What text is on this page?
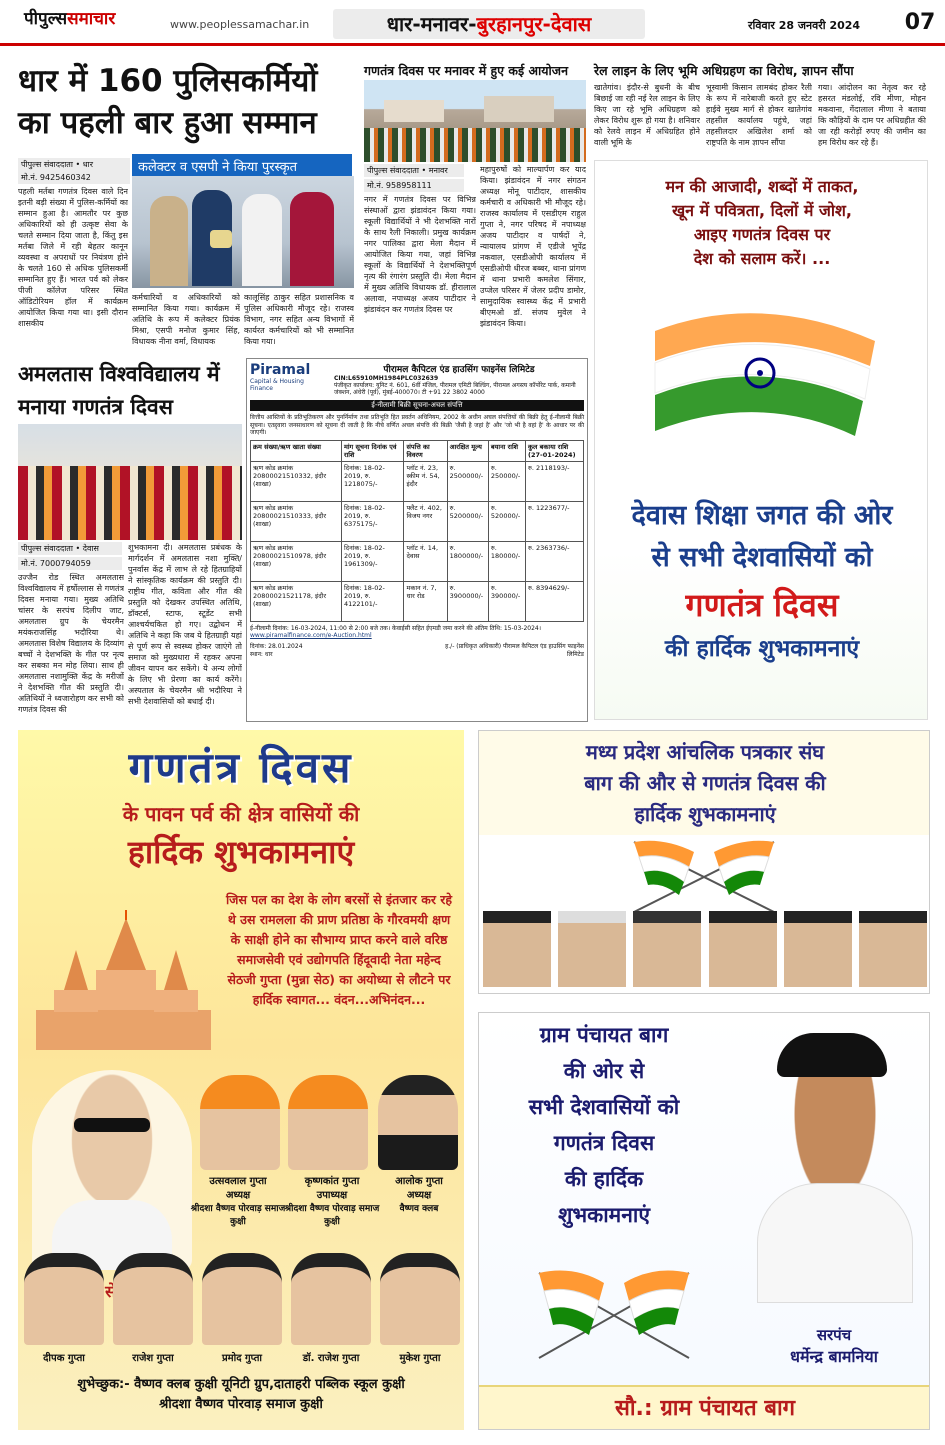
पीपुल्ससमाचार	www.peoplessamachar.in	धार-मनावर-बुरहानपुर-देवास	रविवार 28 जनवरी 2024	07
धार में 160 पुलिसकर्मियों का पहली बार हुआ सम्मान
पीपुल्स संवाददाता • धार
मो.नं. 9425460342
कलेक्टर व एसपी ने किया पुरस्कृत
पहली मर्तबा गणतंत्र दिवस वाले दिन इतनी बड़ी संख्या में पुलिस-कर्मियों का सम्मान हुआ है। आमतौर पर कुछ अधिकारियों को ही उत्कृष्ट सेवा के चलते सम्मान दिया जाता है, किंतु इस मर्तबा जिले में रही बेहतर कानून व्यवस्था व अपराधों पर नियंत्रण होने के चलते 160 से अधिक पुलिसकर्मी सम्मानित हुए हैं। भारत पर्व को लेकर पीजी कॉलेज परिसर स्थित ऑडिटोरियम हॉल में कार्यक्रम आयोजित किया गया था। इसी दौरान शासकीय
कर्मचारियों व अधिकारियों को सम्मानित किया गया। कार्यक्रम में अतिथि के रूप में कलेक्टर प्रियंक मिश्रा, एसपी मनोज कुमार सिंह, विधायक नीना वर्मा, विधायक
कालूसिंह ठाकुर सहित प्रशासनिक व पुलिस अधिकारी मौजूद रहे। राजस्व विभाग, नगर सहित अन्य विभागों में कार्यरत कर्मचारियों को भी सम्मानित किया गया।
गणतंत्र दिवस पर मनावर में हुए कई आयोजन
पीपुल्स संवाददाता • मनावर
मो.नं. 958958111
नगर में गणतंत्र दिवस पर विभिन्न संस्थाओं द्वारा झंडावंदन किया गया। स्कूली विद्यार्थियों ने भी देशभक्ति नारों के साथ रैली निकाली। प्रमुख कार्यक्रम नगर पालिका द्वारा मेला मैदान में आयोजित किया गया, जहां विभिन्न स्कूलों के विद्यार्थियों ने देशभक्तिपूर्ण नृत्य की रंगारंग प्रस्तुति दी। मेला मैदान में मुख्य अतिथि विधायक डॉ. हीरालाल अलावा, नपाध्यक्ष अजय पाटीदार ने झंडावंदन कर गणतंत्र दिवस पर
महापुरुषों को माल्यार्पण कर याद किया। झंडावंदन में नगर संगठन अध्यक्ष मोनू पाटीदार, शासकीय कर्मचारी व अधिकारी भी मौजूद रहे। राजस्व कार्यालय में एसडीएम राहुल गुप्ता ने, नगर परिषद में नपाध्यक्ष अजय पाटीदार व पार्षदों ने, न्यायालय प्रांगण में एडीजे भूपेंद्र नकवाल, एसडीओपी कार्यालय में एसडीओपी धीरज बब्बर, थाना प्रांगण में थाना प्रभारी कमलेश सिंगार, उप्जेल परिसर में जेलर प्रदीप डामोर, सामुदायिक स्वास्थ्य केंद्र में प्रभारी बीएमओ डॉ. संजय मुवेल ने झंडावंदन किया।
रेल लाइन के लिए भूमि अधिग्रहण का विरोध, ज्ञापन सौंपा
खातेगांव। इंदौर-से बुधनी के बीच बिछाई जा रही नई रेल लाइन के लिए किए जा रहे भूमि अधिग्रहण को लेकर विरोध शुरू हो गया है। शनिवार को रेलवे लाइन में अधिग्रहित होने वाली भूमि के
भूस्वामी किसान लामबंद होकर रैली के रूप में नारेबाजी करते हुए स्टेट हाईवे मुख्य मार्ग से होकर खातेगांव तहसील कार्यालय पहुंचे, जहां तहसीलदार अखिलेश शर्मा को राष्ट्रपति के नाम ज्ञापन सौंपा
गया। आंदोलन का नेतृत्व कर रहे हसरत मंडलोई, रवि मीणा, मोहन मकवाना, गेंदालाल मीणा ने बताया कि कौड़ियों के दाम पर अधिग्रहीत की जा रही करोड़ों रुपए की जमीन का हम विरोध कर रहे हैं।
मन की आजादी, शब्दों में ताकत,
खून में पवित्रता, दिलों में जोश,
आइए गणतंत्र दिवस पर
देश को सलाम करें। ...
देवास शिक्षा जगत की ओर
से सभी देशवासियों को
गणतंत्र दिवस
की हार्दिक शुभकामनाएं
अमलतास विश्वविद्यालय में मनाया गणतंत्र दिवस
पीपुल्स संवाददाता • देवास
मो.नं. 7000794059
उज्जैन रोड स्थित अमलतास विश्वविद्यालय में हर्षोल्लास से गणतंत्र दिवस मनाया गया। मुख्य अतिथि चांसर के सरपंच दिलीप जाट, अमलतास ग्रुप के चेयरमैन मयंकराजसिंह भदौरिया थे। अमलतास विशेष विद्यालय के दिव्यांग बच्चों ने देशभक्ति के गीत पर नृत्य कर सबका मन मोह लिया। साथ ही अमलतास नशामुक्ति केंद्र के मरीजों ने देशभक्ति गीत की प्रस्तुति दी। अतिथियों ने ध्वजारोहण कर सभी को गणतंत्र दिवस की
शुभकामना दी। अमलतास प्रबंधक के मार्गदर्शन में अमलतास नशा मुक्ति/पुनर्वास केंद्र में लाभ ले रहे हितग्राहियों ने सांस्कृतिक कार्यक्रम की प्रस्तुति दी। राष्ट्रीय गीत, कविता और गीत की प्रस्तुति को देखकर उपस्थित अतिथि, डॉक्टर्स, स्टाफ, स्टूडेंट सभी आश्चर्यचकित हो गए। उद्बोधन में अतिथि ने कहा कि जब ये हितग्राही यहां से पूर्ण रूप से स्वस्थ्य होकर जाएंगे तो समाज को मुख्यधारा में रहकर अपना जीवन यापन कर सकेंगे। ये अन्य लोगों के लिए भी प्रेरणा का कार्य करेंगे। अस्पताल के चेयरमैन श्री भदौरिया ने सभी देशवासियों को बधाई दी।
Piramal
Capital & Housing Finance
पीरामल कैपिटल एंड हाउसिंग फाइनेंस लिमिटेड
CIN:L65910MH1984PLC032639
पंजीकृत कार्यालय: यूनिट नं. 601, 6वीं मंजिल, पीरामल एमिटी बिल्डिंग, पीरामल अगस्त्य कॉर्पोरेट पार्क, कमानी जंक्शन, अंधेरी (पूर्व), मुंबई-400070। टी +91 22 3802 4000
ई-नीलामी बिक्री सूचना-अचल संपत्ति
वित्तीय आस्तियों के प्रतिभूतिकरण और पुनर्निर्माण तथा प्रतिभूति हित प्रवर्तन अधिनियम, 2002 के अधीन अचल संपत्तियों की बिक्री हेतु ई-नीलामी बिक्री सूचना। एतद्द्वारा जनसाधारण को सूचना दी जाती है कि नीचे वर्णित अचल संपत्ति की बिक्री 'जैसी है जहां है' और 'जो भी है वहां है' के आधार पर की जाएगी।
क्रम संख्या/ऋण खाता संख्या	मांग सूचना दिनांक एवं राशि	संपत्ति का विवरण	आरक्षित मूल्य	बयाना राशि	कुल बकाया राशि (27-01-2024)
ऋण कोड क्रमांक 20800021510332, इंदौर (शाखा)	दिनांक: 18-02-2019, रु. 1218075/-	प्लॉट नं. 23, स्कीम नं. 54, इंदौर	रु. 2500000/-	रु. 250000/-	रु. 2118193/-
ऋण कोड क्रमांक 20800021510333, इंदौर (शाखा)	दिनांक: 18-02-2019, रु. 6375175/-	फ्लैट नं. 402, विजय नगर	रु. 5200000/-	रु. 520000/-	रु. 1223677/-
ऋण कोड क्रमांक 20800021510978, इंदौर (शाखा)	दिनांक: 18-02-2019, रु. 1961309/-	प्लॉट नं. 14, देवास	रु. 1800000/-	रु. 180000/-	रु. 2363736/-
ऋण कोड क्रमांक 20800021521178, इंदौर (शाखा)	दिनांक: 18-02-2019, रु. 4122101/-	मकान नं. 7, धार रोड	रु. 3900000/-	रु. 390000/-	रु. 8394629/-
ई-नीलामी दिनांक: 16-03-2024, 11:00 से 2:00 बजे तक। केवाईसी सहित ईएमडी जमा करने की अंतिम तिथि: 15-03-2024।
www.piramalfinance.com/e-Auction.html
दिनांक: 28.01.2024
स्थान: धार
ह./- (प्राधिकृत अधिकारी) पीरामल कैपिटल एंड हाउसिंग फाइनेंस लिमिटेड
गणतंत्र दिवस
के पावन पर्व की क्षेत्र वासियों की
हार्दिक शुभकामनाएं
जिस पल का देश के लोग बरसों से इंतजार कर रहे थे उस रामलला की प्राण प्रतिष्ठा के गौरवमयी क्षण के साक्षी होने का सौभाग्य प्राप्त करने वाले वरिष्ठ समाजसेवी एवं उद्योगपति हिंदूवादी नेता महेन्द सेठजी गुप्ता (मुन्ना सेठ) का अयोध्या से लौटने पर हार्दिक स्वागत... वंदन...अभिनंदन...
उत्सवलाल गुप्ता
अध्यक्ष
श्रीदशा वैष्णव पोरवाड़ समाज कुक्षी
कृष्णकांत गुप्ता
उपाध्यक्ष
श्रीदशा वैष्णव पोरवाड़ समाज कुक्षी
आलोक गुप्ता
अध्यक्ष
वैष्णव क्लब
दीपक गुप्ता	राजेश गुप्ता	प्रमोद गुप्ता	डॉ. राजेश गुप्ता	मुकेश गुप्ता
शुभेच्छुक:- वैष्णव क्लब कुक्षी यूनिटी ग्रुप,दाताहरी पब्लिक स्कूल कुक्षी
श्रीदशा वैष्णव पोरवाड़ समाज कुक्षी
मध्य प्रदेश आंचलिक पत्रकार संघ
बाग की और से गणतंत्र दिवस की
हार्दिक शुभकामनाएं
ग्राम पंचायत बाग
की ओर से
सभी देशवासियों को
गणतंत्र दिवस
की हार्दिक
शुभकामनाएं
सरपंच
धर्मेन्द्र बामनिया
सौ.: ग्राम पंचायत बाग
